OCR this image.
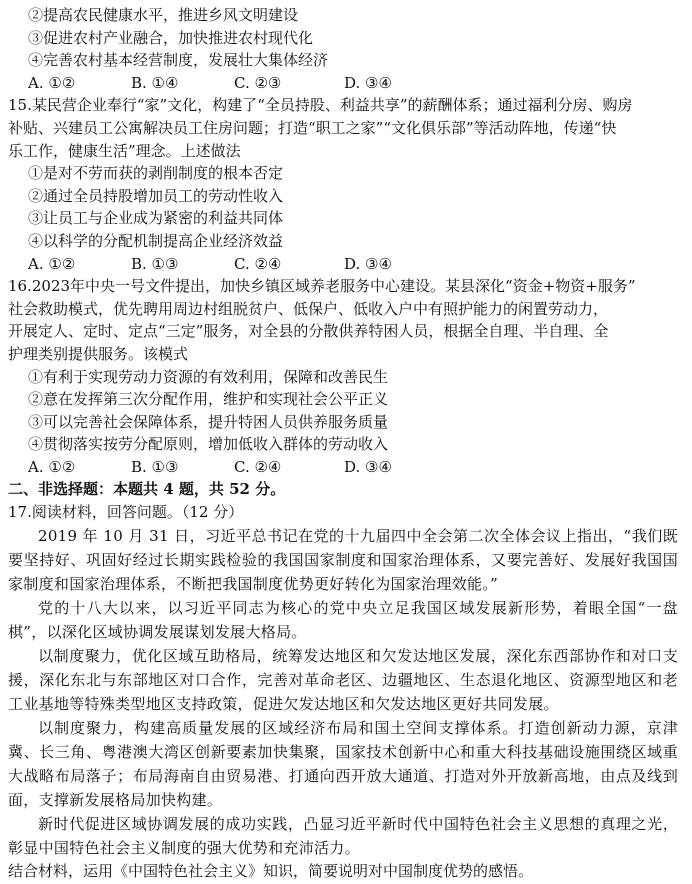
②提高农民健康水平，推进乡风文明建设
③促进农村产业融合，加快推进农村现代化
④完善农村基本经营制度，发展壮大集体经济
A. ①②	B. ①④	C. ②③	D. ③④
15.某民营企业奉行“家”文化，构建了“全员持股、利益共享”的薪酬体系；通过福利分房、购房
补贴、兴建员工公寓解决员工住房问题；打造“职工之家”“文化俱乐部”等活动阵地，传递“快
乐工作，健康生活”理念。上述做法
①是对不劳而获的剥削制度的根本否定
②通过全员持股增加员工的劳动性收入
③让员工与企业成为紧密的利益共同体
④以科学的分配机制提高企业经济效益
A. ①②	B. ①③	C. ②④	D. ③④
16.2023年中央一号文件提出，加快乡镇区域养老服务中心建设。某县深化“资金+物资+服务”
社会救助模式，优先聘用周边村组脱贫户、低保户、低收入户中有照护能力的闲置劳动力，
开展定人、定时、定点“三定”服务，对全县的分散供养特困人员，根据全自理、半自理、全
护理类别提供服务。该模式
①有利于实现劳动力资源的有效利用，保障和改善民生
②意在发挥第三次分配作用，维护和实现社会公平正义
③可以完善社会保障体系，提升特困人员供养服务质量
④贯彻落实按劳分配原则，增加低收入群体的劳动收入
A. ①②	B. ①③	C. ②④	D. ③④
二、非选择题：本题共 4 题，共 52 分。
17.阅读材料，回答问题。（12 分）
2019 年 10 月 31 日，习近平总书记在党的十九届四中全会第二次全体会议上指出，“我们既要坚持好、巩固好经过长期实践检验的我国国家制度和国家治理体系，又要完善好、发展好我国国家制度和国家治理体系，不断把我国制度优势更好转化为国家治理效能。”
党的十八大以来，以习近平同志为核心的党中央立足我国区域发展新形势，着眼全国“一盘棋”，以深化区域协调发展谋划发展大格局。
以制度聚力，优化区域互助格局，统筹发达地区和欠发达地区发展，深化东西部协作和对口支援，深化东北与东部地区对口合作，完善对革命老区、边疆地区、生态退化地区、资源型地区和老工业基地等特殊类型地区支持政策，促进欠发达地区和欠发达地区更好共同发展。
以制度聚力，构建高质量发展的区域经济布局和国土空间支撑体系。打造创新动力源，京津冀、长三角、粤港澳大湾区创新要素加快集聚，国家技术创新中心和重大科技基础设施围绕区域重大战略布局落子；布局海南自由贸易港、打通向西开放大通道、打造对外开放新高地，由点及线到面，支撑新发展格局加快构建。
新时代促进区域协调发展的成功实践，凸显习近平新时代中国特色社会主义思想的真理之光，彰显中国特色社会主义制度的强大优势和充沛活力。
结合材料，运用《中国特色社会主义》知识，简要说明对中国制度优势的感悟。
